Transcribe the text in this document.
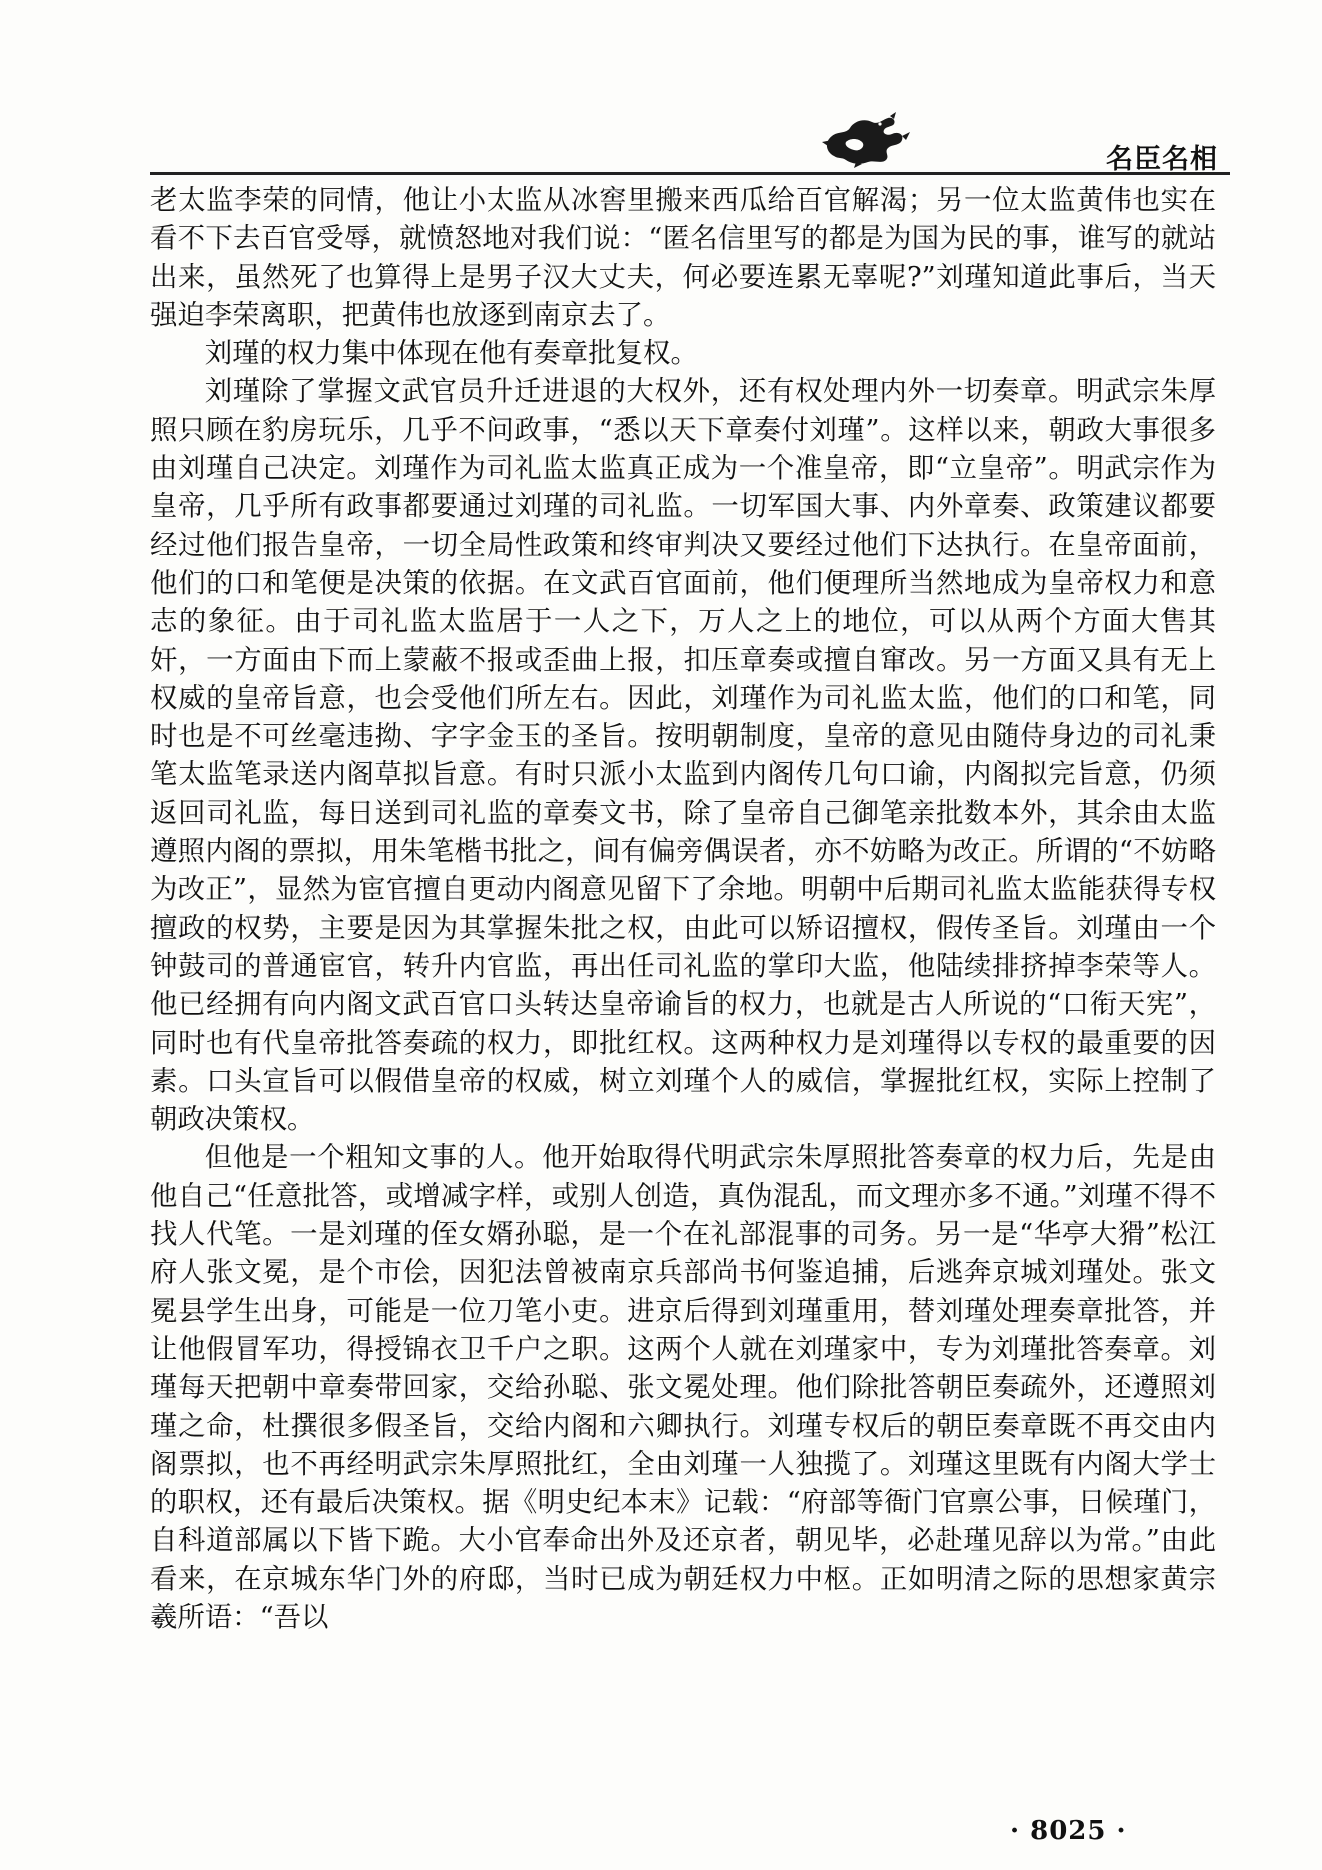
名臣名相

老太监李荣的同情，他让小太监从冰窖里搬来西瓜给百官解渴；另一位太监黄伟也实在看不下去百官受辱，就愤怒地对我们说：“匿名信里写的都是为国为民的事，谁写的就站出来，虽然死了也算得上是男子汉大丈夫，何必要连累无辜呢?”刘瑾知道此事后，当天强迫李荣离职，把黄伟也放逐到南京去了。

刘瑾的权力集中体现在他有奏章批复权。

刘瑾除了掌握文武官员升迁进退的大权外，还有权处理内外一切奏章。明武宗朱厚照只顾在豹房玩乐，几乎不问政事，“悉以天下章奏付刘瑾”。这样以来，朝政大事很多由刘瑾自己决定。刘瑾作为司礼监太监真正成为一个准皇帝，即“立皇帝”。明武宗作为皇帝，几乎所有政事都要通过刘瑾的司礼监。一切军国大事、内外章奏、政策建议都要经过他们报告皇帝，一切全局性政策和终审判决又要经过他们下达执行。在皇帝面前，他们的口和笔便是决策的依据。在文武百官面前，他们便理所当然地成为皇帝权力和意志的象征。由于司礼监太监居于一人之下，万人之上的地位，可以从两个方面大售其奸，一方面由下而上蒙蔽不报或歪曲上报，扣压章奏或擅自窜改。另一方面又具有无上权威的皇帝旨意，也会受他们所左右。因此，刘瑾作为司礼监太监，他们的口和笔，同时也是不可丝毫违拗、字字金玉的圣旨。按明朝制度，皇帝的意见由随侍身边的司礼秉笔太监笔录送内阁草拟旨意。有时只派小太监到内阁传几句口谕，内阁拟完旨意，仍须返回司礼监，每日送到司礼监的章奏文书，除了皇帝自己御笔亲批数本外，其余由太监遵照内阁的票拟，用朱笔楷书批之，间有偏旁偶误者，亦不妨略为改正。所谓的“不妨略为改正”，显然为宦官擅自更动内阁意见留下了余地。明朝中后期司礼监太监能获得专权擅政的权势，主要是因为其掌握朱批之权，由此可以矫诏擅权，假传圣旨。刘瑾由一个钟鼓司的普通宦官，转升内官监，再出任司礼监的掌印大监，他陆续排挤掉李荣等人。他已经拥有向内阁文武百官口头转达皇帝谕旨的权力，也就是古人所说的“口衔天宪”，同时也有代皇帝批答奏疏的权力，即批红权。这两种权力是刘瑾得以专权的最重要的因素。口头宣旨可以假借皇帝的权威，树立刘瑾个人的威信，掌握批红权，实际上控制了朝政决策权。

但他是一个粗知文事的人。他开始取得代明武宗朱厚照批答奏章的权力后，先是由他自己“任意批答，或增减字样，或别人创造，真伪混乱，而文理亦多不通。”刘瑾不得不找人代笔。一是刘瑾的侄女婿孙聪，是一个在礼部混事的司务。另一是“华亭大猾”松江府人张文冕，是个市侩，因犯法曾被南京兵部尚书何鉴追捕，后逃奔京城刘瑾处。张文冕县学生出身，可能是一位刀笔小吏。进京后得到刘瑾重用，替刘瑾处理奏章批答，并让他假冒军功，得授锦衣卫千户之职。这两个人就在刘瑾家中，专为刘瑾批答奏章。刘瑾每天把朝中章奏带回家，交给孙聪、张文冕处理。他们除批答朝臣奏疏外，还遵照刘瑾之命，杜撰很多假圣旨，交给内阁和六卿执行。刘瑾专权后的朝臣奏章既不再交由内阁票拟，也不再经明武宗朱厚照批红，全由刘瑾一人独揽了。刘瑾这里既有内阁大学士的职权，还有最后决策权。据《明史纪本末》记载：“府部等衙门官禀公事，日候瑾门，自科道部属以下皆下跪。大小官奉命出外及还京者，朝见毕，必赴瑾见辞以为常。”由此看来，在京城东华门外的府邸，当时已成为朝廷权力中枢。正如明清之际的思想家黄宗羲所语：“吾以

· 8025 ·
